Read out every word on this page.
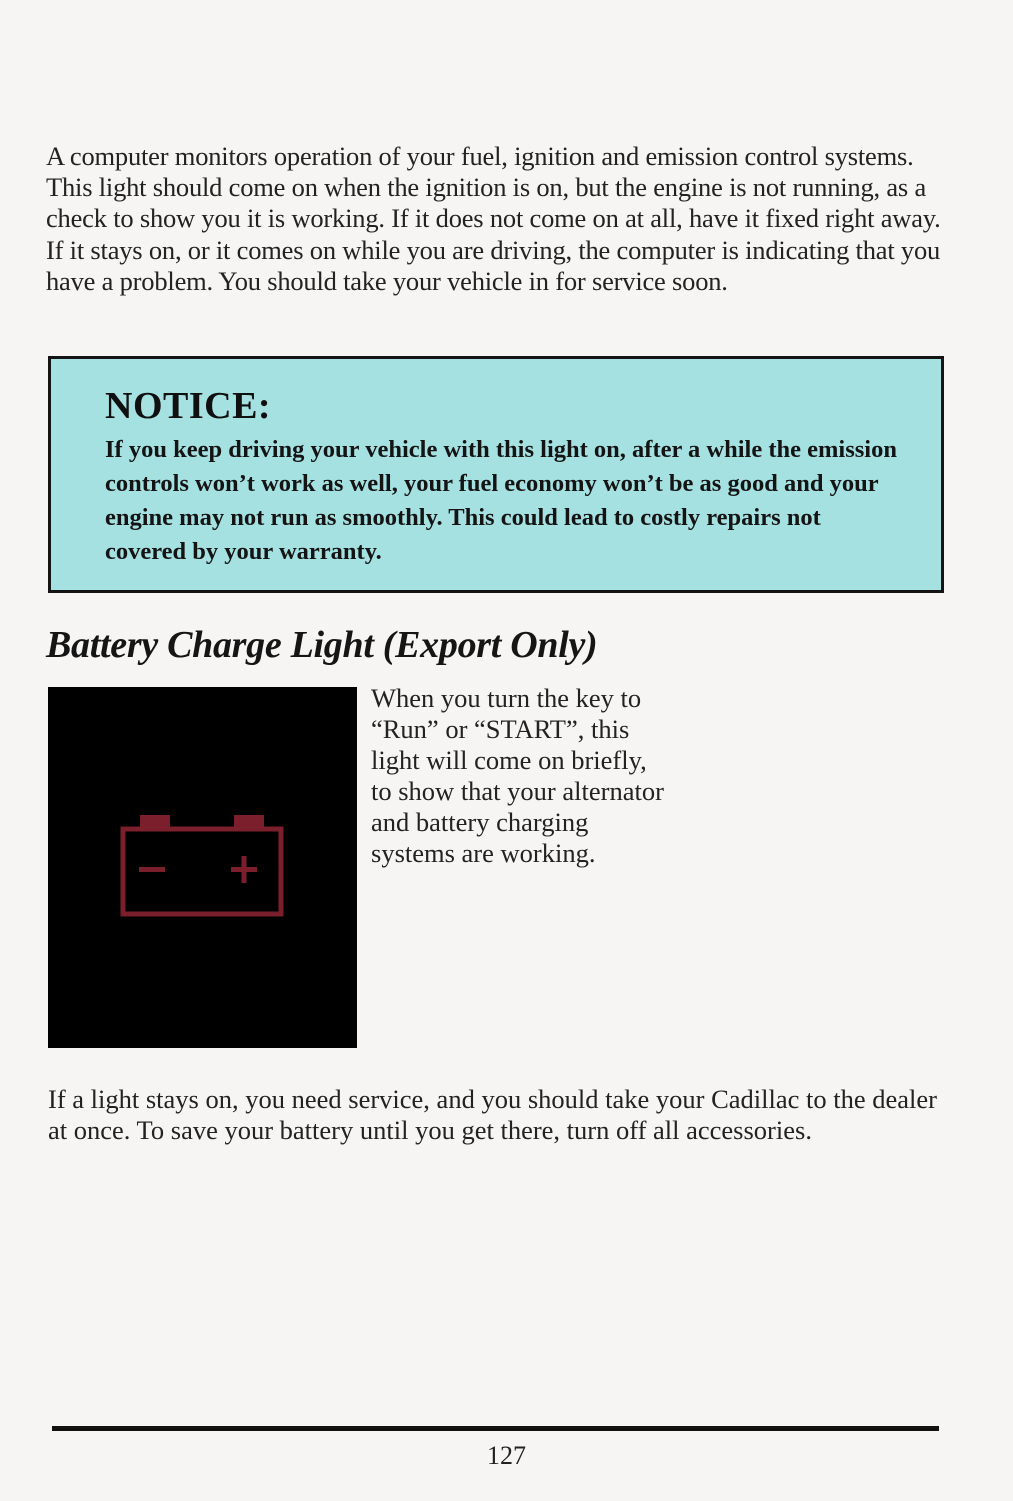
A computer monitors operation of your fuel, ignition and emission control systems. This light should come on when the ignition is on, but the engine is not running, as a check to show you it is working. If it does not come on at all, have it fixed right away. If it stays on, or it comes on while you are driving, the computer is indicating that you have a problem. You should take your vehicle in for service soon.

NOTICE:

If you keep driving your vehicle with this light on, after a while the emission controls won’t work as well, your fuel economy won’t be as good and your engine may not run as smoothly. This could lead to costly repairs not covered by your warranty.

Battery Charge Light (Export Only)

When you turn the key to “Run” or “START”, this light will come on briefly, to show that your alternator and battery charging systems are working.

If a light stays on, you need service, and you should take your Cadillac to the dealer at once. To save your battery until you get there, turn off all accessories.

127
